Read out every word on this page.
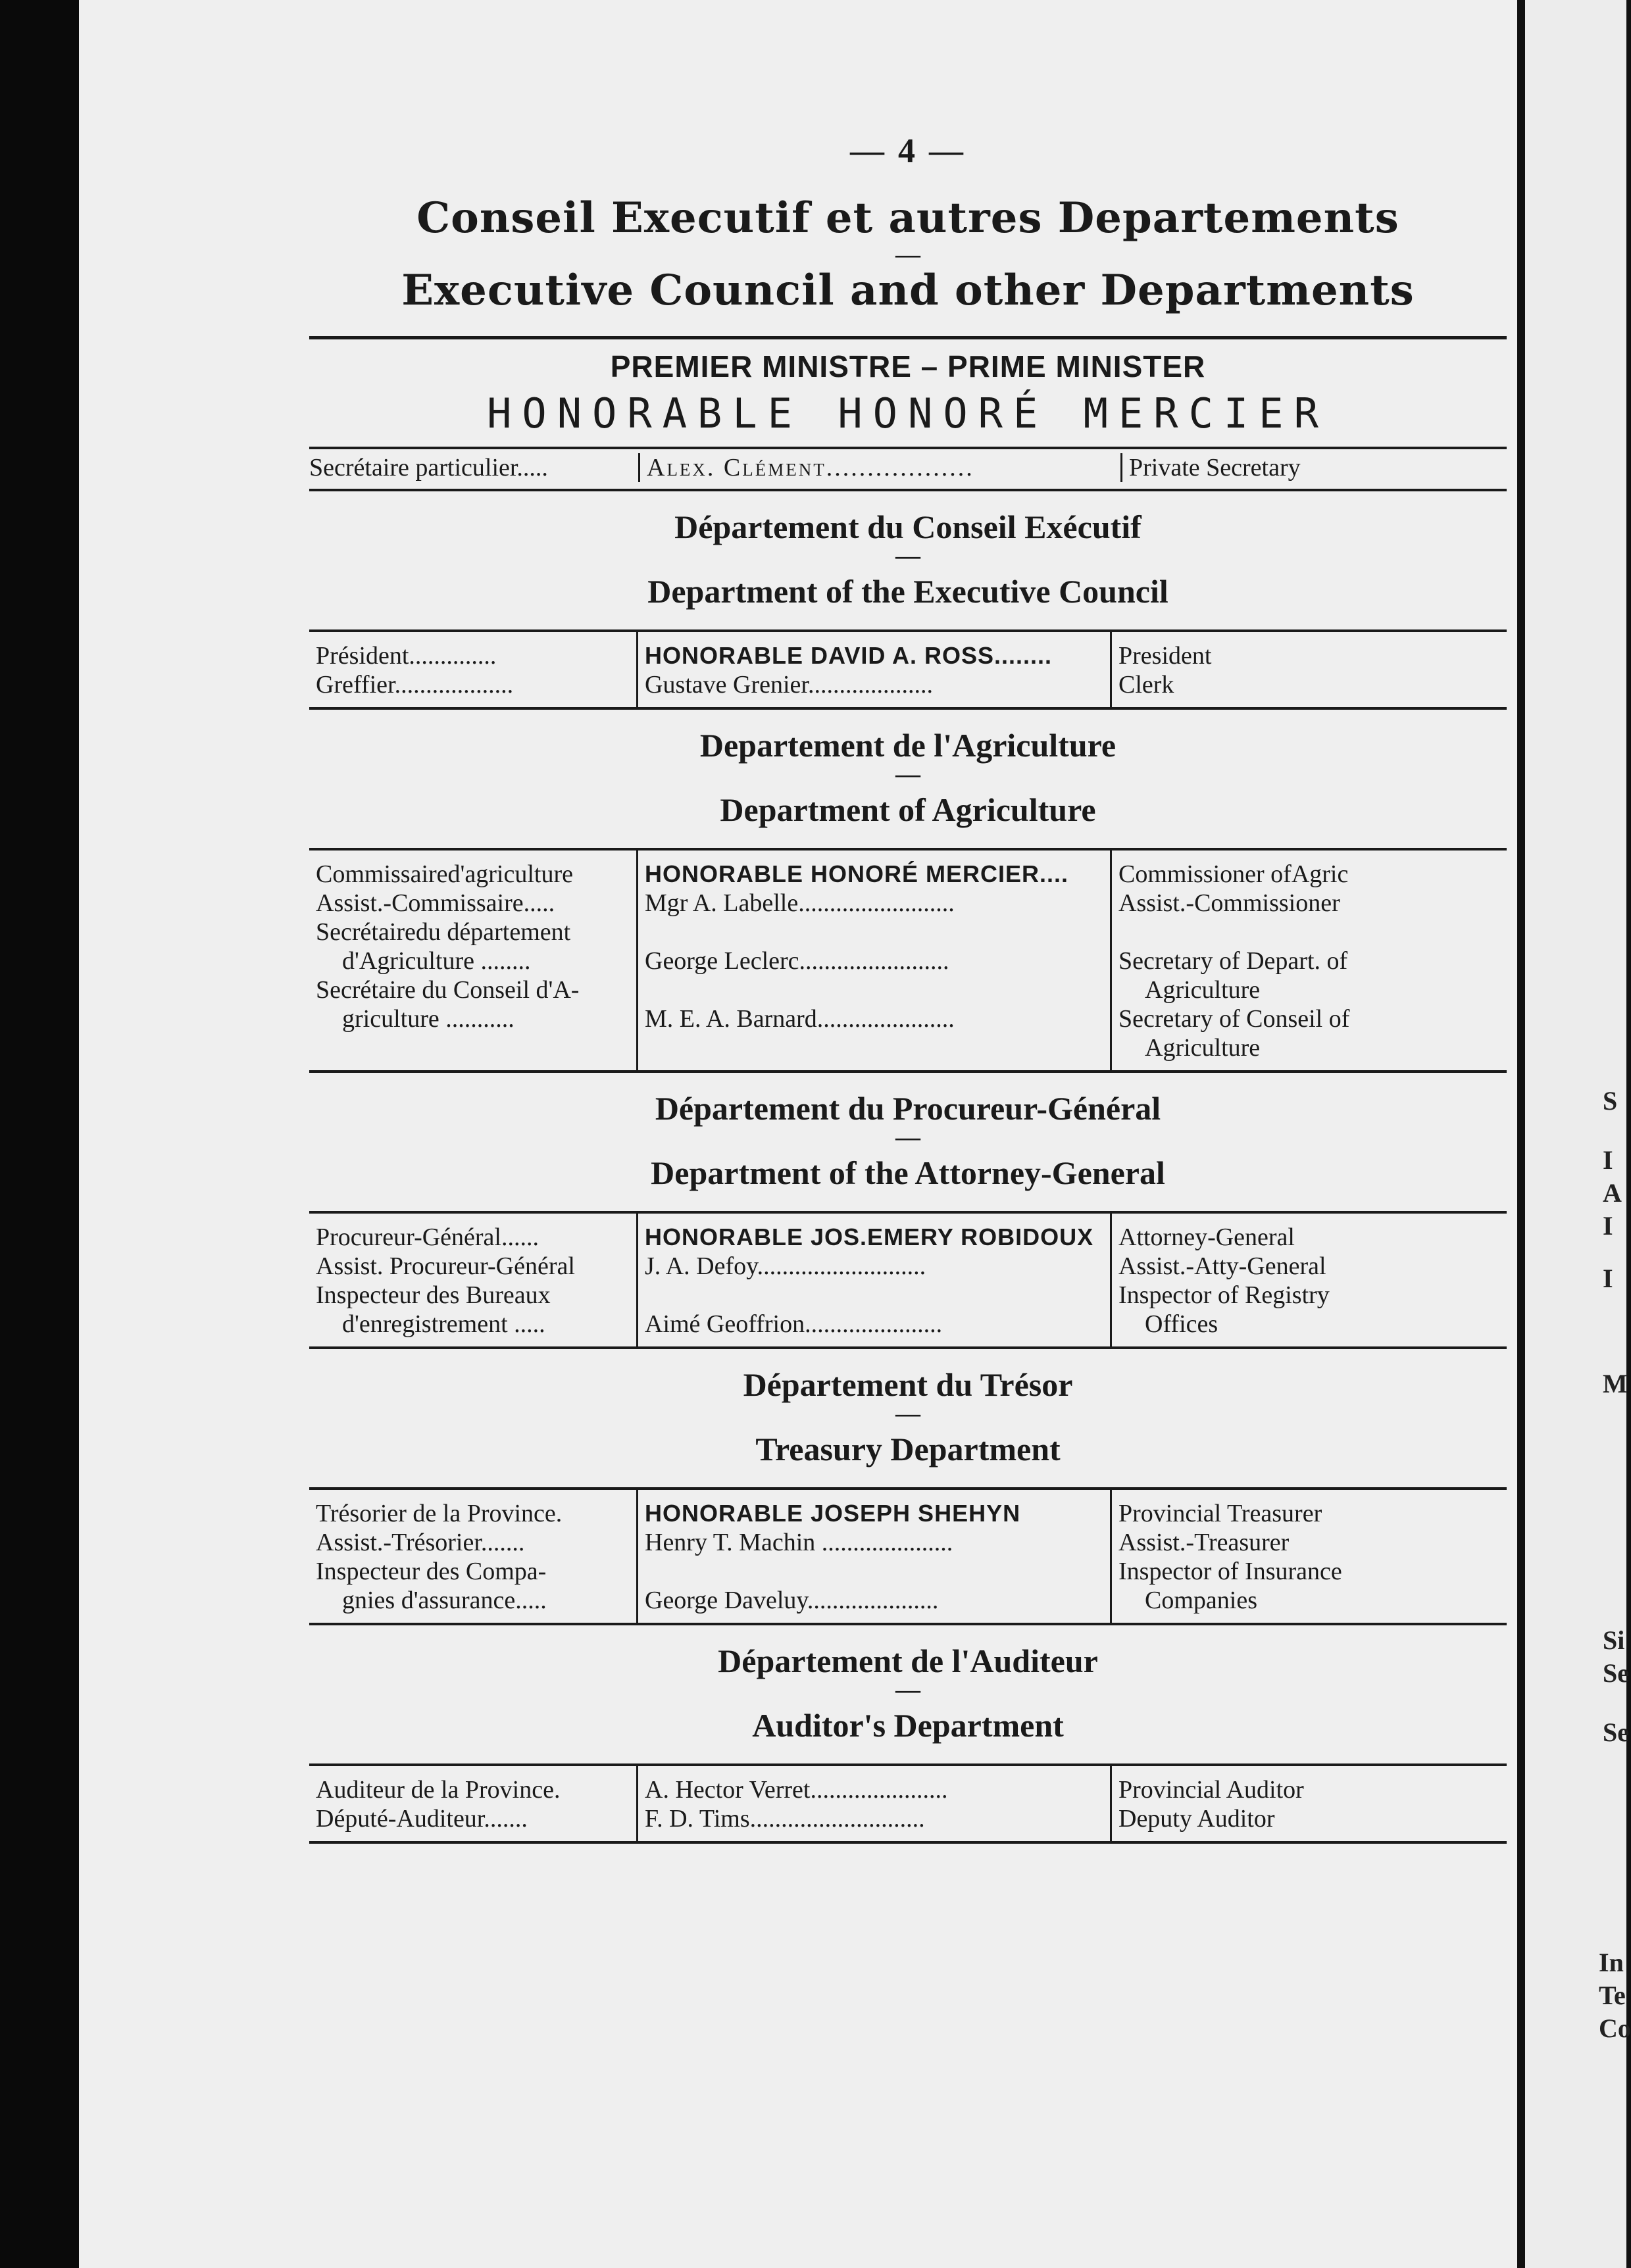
— 4 —
Conseil Executif et autres Departements
—
Executive Council and other Departments
PREMIER MINISTRE – PRIME MINISTER
HONORABLE HONORÉ MERCIER
Secrétaire particulier.....	Alex. Clément..................	Private Secretary
Département du Conseil Exécutif
—
Department of the Executive Council
Président..............
Greffier...................
HONORABLE DAVID A. ROSS........
Gustave Grenier....................
President
Clerk
Departement de l'Agriculture
—
Department of Agriculture
Commissaired'agriculture
Assist.-Commissaire.....
Secrétairedu département
d'Agriculture ........
Secrétaire du Conseil d'A-
griculture ...........
HONORABLE HONORÉ MERCIER....
Mgr A. Labelle.........................
George Leclerc........................
M. E. A. Barnard......................
Commissioner ofAgric
Assist.-Commissioner
Secretary of Depart. of
Agriculture
Secretary of Conseil of
Agriculture
Département du Procureur-Général
—
Department of the Attorney-General
Procureur-Général......
Assist. Procureur-Général
Inspecteur des Bureaux
d'enregistrement .....
HONORABLE JOS.EMERY ROBIDOUX
J. A. Defoy...........................
Aimé Geoffrion......................
Attorney-General
Assist.-Atty-General
Inspector of Registry
Offices
Département du Trésor
—
Treasury Department
Trésorier de la Province.
Assist.-Trésorier.......
Inspecteur des Compa-
gnies d'assurance.....
HONORABLE JOSEPH SHEHYN
Henry T. Machin .....................
George Daveluy.....................
Provincial Treasurer
Assist.-Treasurer
Inspector of Insurance
Companies
Département de l'Auditeur
—
Auditor's Department
Auditeur de la Province.
Député-Auditeur.......
A. Hector Verret......................
F. D. Tims............................
Provincial Auditor
Deputy Auditor
S
I
A
I
I
M
Si
Se
Se
In
Te
Co
